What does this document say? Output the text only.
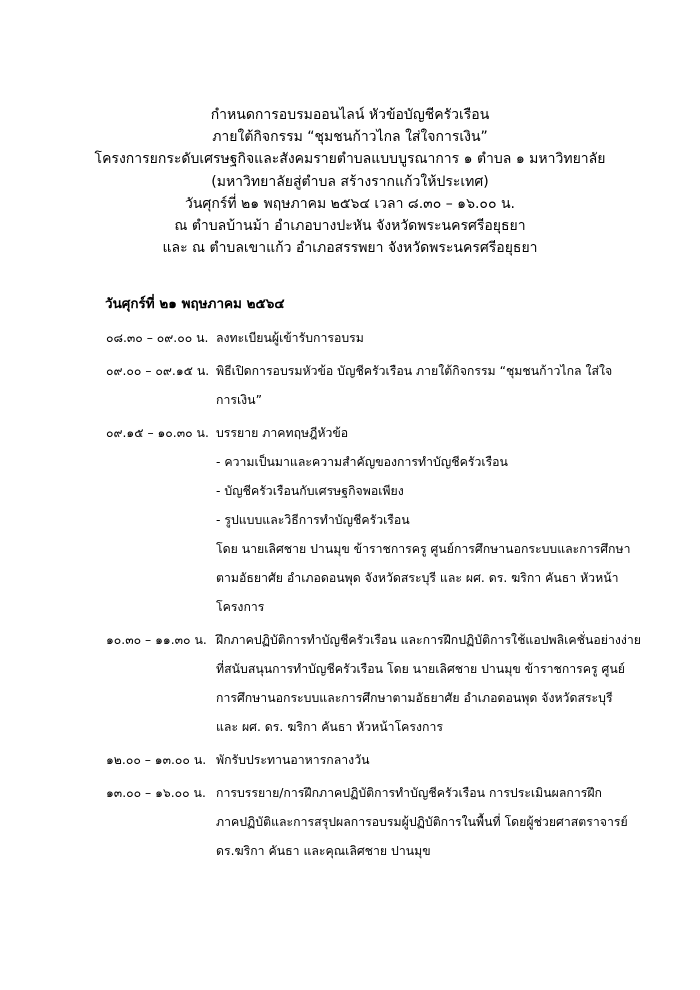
กำหนดการอบรมออนไลน์ หัวข้อบัญชีครัวเรือน
ภายใต้กิจกรรม “ชุมชนก้าวไกล ใส่ใจการเงิน”
โครงการยกระดับเศรษฐกิจและสังคมรายตำบลแบบบูรณาการ ๑ ตำบล ๑ มหาวิทยาลัย
(มหาวิทยาลัยสู่ตำบล สร้างรากแก้วให้ประเทศ)
วันศุกร์ที่ ๒๑ พฤษภาคม ๒๕๖๔ เวลา ๘.๓๐ – ๑๖.๐๐ น.
ณ ตำบลบ้านม้า อำเภอบางปะหัน จังหวัดพระนครศรีอยุธยา
และ ณ ตำบลเขาแก้ว อำเภอสรรพยา จังหวัดพระนครศรีอยุธยา
วันศุกร์ที่ ๒๑ พฤษภาคม ๒๕๖๔
๐๘.๓๐ – ๐๙.๐๐ น. ลงทะเบียนผู้เข้ารับการอบรม
๐๙.๐๐ – ๐๙.๑๕ น. พิธีเปิดการอบรมหัวข้อ บัญชีครัวเรือน ภายใต้กิจกรรม “ชุมชนก้าวไกล ใส่ใจ
การเงิน”
๐๙.๑๕ – ๑๐.๓๐ น. บรรยาย ภาคทฤษฎีหัวข้อ
- ความเป็นมาและความสำคัญของการทำบัญชีครัวเรือน
- บัญชีครัวเรือนกับเศรษฐกิจพอเพียง
- รูปแบบและวิธีการทำบัญชีครัวเรือน
โดย นายเลิศชาย ปานมุข ข้าราชการครู ศูนย์การศึกษานอกระบบและการศึกษา
ตามอัธยาศัย อำเภอดอนพุด จังหวัดสระบุรี และ ผศ. ดร. ฆริกา คันธา หัวหน้า
โครงการ
๑๐.๓๐ – ๑๑.๓๐ น. ฝึกภาคปฏิบัติการทำบัญชีครัวเรือน และการฝึกปฏิบัติการใช้แอปพลิเคชั่นอย่างง่าย
ที่สนับสนุนการทำบัญชีครัวเรือน โดย นายเลิศชาย ปานมุข ข้าราชการครู ศูนย์
การศึกษานอกระบบและการศึกษาตามอัธยาศัย อำเภอดอนพุด จังหวัดสระบุรี
และ ผศ. ดร. ฆริกา คันธา หัวหน้าโครงการ
๑๒.๐๐ – ๑๓.๐๐ น. พักรับประทานอาหารกลางวัน
๑๓.๐๐ – ๑๖.๐๐ น. การบรรยาย/การฝึกภาคปฏิบัติการทำบัญชีครัวเรือน การประเมินผลการฝึก
ภาคปฏิบัติและการสรุปผลการอบรมผู้ปฏิบัติการในพื้นที่ โดยผู้ช่วยศาสตราจารย์
ดร.ฆริกา คันธา และคุณเลิศชาย ปานมุข
